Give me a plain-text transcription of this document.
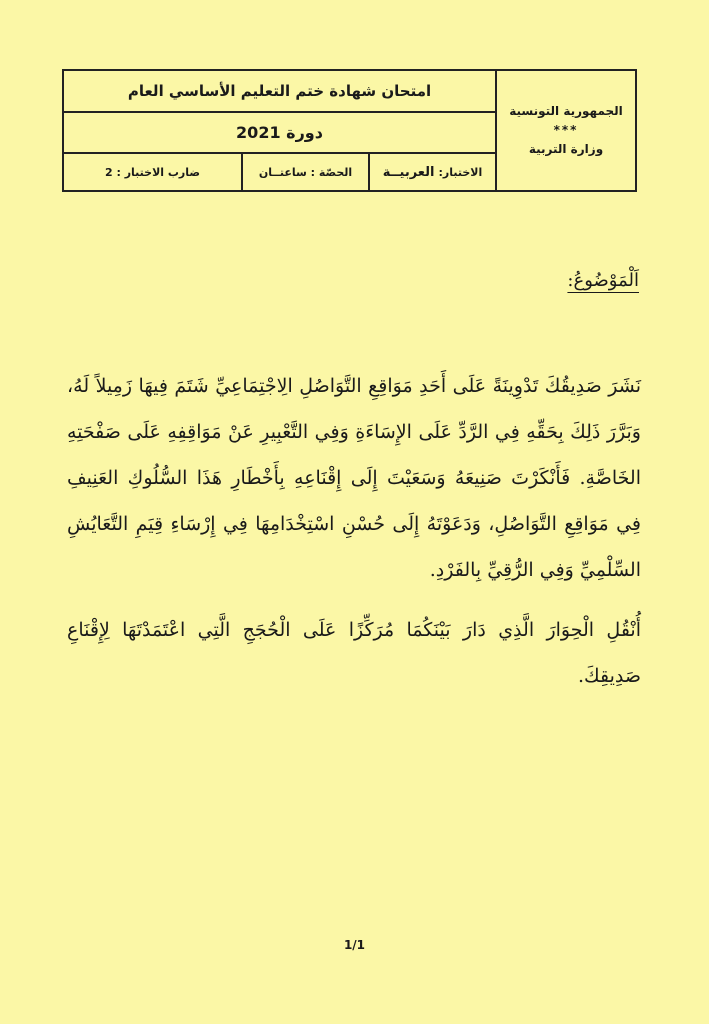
الجمهورية التونسية
***
وزارة التربية
امتحان شهادة ختم التعليم الأساسي العام
دورة 2021
الاختبار:
العربيــة
الحصّة : ساعتــان
ضارب الاختبار : 2
اَلْمَوْضُوعُ:
نَشَرَ صَدِيقُكَ تَدْوِينَةً عَلَى أَحَدِ مَوَاقِعِ التَّوَاصُلِ الِاجْتِمَاعِيِّ شَتَمَ فِيهَا زَمِيلاً لَهُ، وَبَرَّرَ ذَلِكَ بِحَقِّهِ فِي الرَّدِّ عَلَى الإِسَاءَةِ وَفِي التَّعْبِيرِ عَنْ مَوَاقِفِهِ عَلَى صَفْحَتِهِ الخَاصَّةِ. فَأَنْكَرْتَ صَنِيعَهُ وَسَعَيْتَ إِلَى إِقْنَاعِهِ بِأَخْطَارِ هَذَا السُّلُوكِ العَنِيفِ فِي مَوَاقِعِ التَّوَاصُلِ، وَدَعَوْتَهُ إِلَى حُسْنِ اسْتِخْدَامِهَا فِي إِرْسَاءِ قِيَمِ التَّعَايُشِ السِّلْمِيِّ وَفِي الرُّقِيِّ بِالفَرْدِ.
أُنْقُلِ الْحِوَارَ الَّذِي دَارَ بَيْنَكُمَا مُرَكِّزًا عَلَى الْحُجَجِ الَّتِي اعْتَمَدْتَهَا لِإِقْنَاعِ صَدِيقِكَ.
1/1
